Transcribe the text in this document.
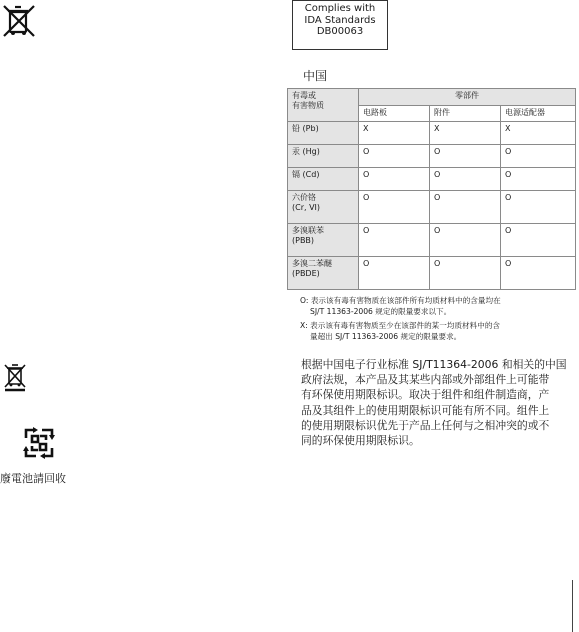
Complies with
IDA Standards
DB00063
中国
有毒或
有害物质	零部件		
	电路板	附件	电源适配器
铅 (Pb)	X	X	X
汞 (Hg)	O	O	O
镉 (Cd)	O	O	O
六价铬
(Cr, VI)	O	O	O
多溴联苯
(PBB)	O	O	O
多溴二苯醚
(PBDE)	O	O	O
O: 表示该有毒有害物质在该部件所有均质材料中的含量均在
SJ/T 11363-2006 规定的限量要求以下。
X: 表示该有毒有害物质至少在该部件的某一均质材料中的含
量超出 SJ/T 11363-2006 规定的限量要求。
根据中国电子行业标准 SJ/T11364-2006 和相关的中国
政府法规，本产品及其某些内部或外部组件上可能带
有环保使用期限标识。取决于组件和组件制造商，产
品及其组件上的使用期限标识可能有所不同。组件上
的使用期限标识优先于产品上任何与之相冲突的或不
同的环保使用期限标识。
廢電池請回收
